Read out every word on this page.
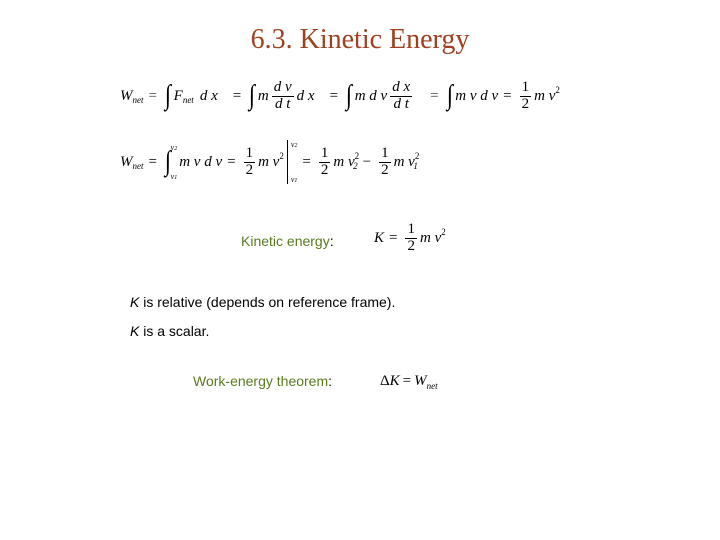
6.3. Kinetic Energy
W net = ∫ F net d x = ∫ m $\frac{\text{d v}}{\text{d t}}$ d x = ∫ m d v $\frac{\text{d x}}{\text{d t}}$ = ∫ m v d $v = \frac{1}{2}$ m v 2
W net = ∫ v2
v1
m v d $v = \frac{1}{2}$ m v 2
v2
v1
= $\frac{1}{2}$ m v 2
$2 - \frac{1}{2}$ m v 2
1
Kinetic energy:	$K = \frac{1}{2}$ m v 2
K is relative (depends on reference frame).
K is a scalar.
Work-energy theorem:	Δ K = W net
